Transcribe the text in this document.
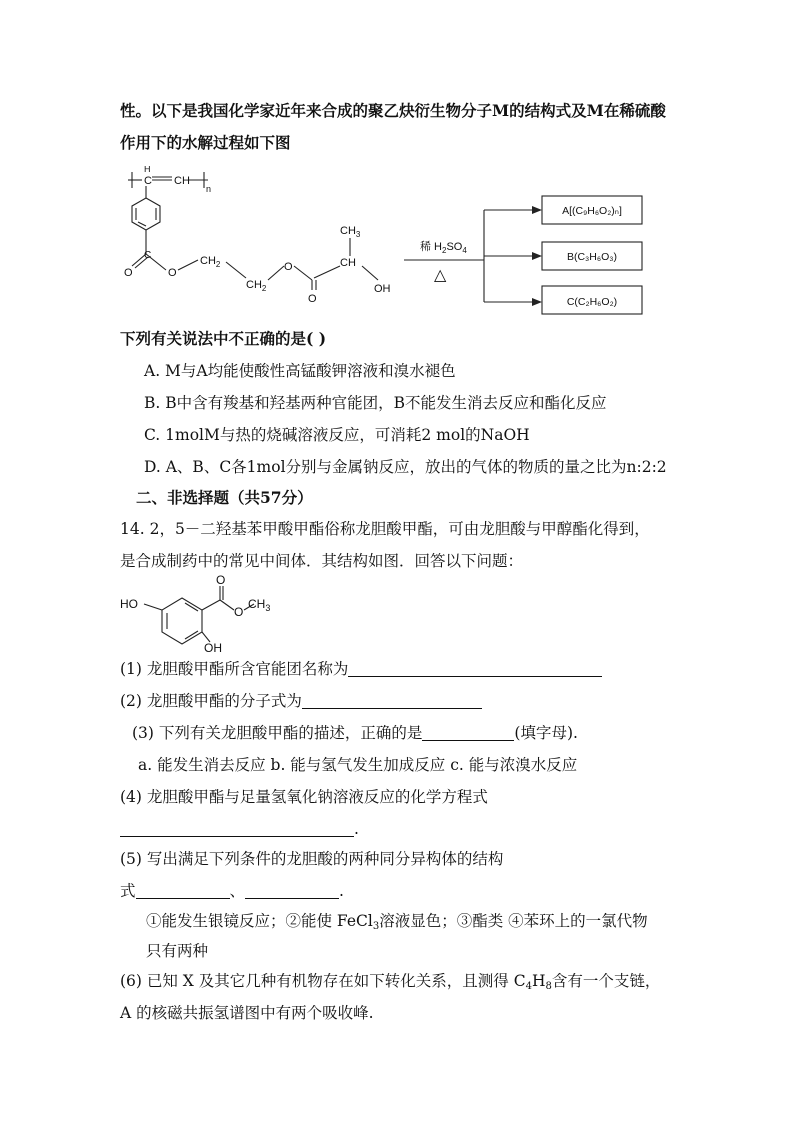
性。以下是我国化学家近年来合成的聚乙炔衍生物分子M的结构式及M在稀硫酸
作用下的水解过程如下图
C CH
n
H
C
O	O
$CH_2$
$CH_2$
O
O
CH
$CH_3$
OH
稀 $H_2SO_4$
△
A[(C₉H₆O₂)ₙ]
B(C₃H₆O₃)
C(C₂H₆O₂)
下列有关说法中不正确的是( )
A. M与A均能使酸性高锰酸钾溶液和溴水褪色
B. B中含有羧基和羟基两种官能团，B不能发生消去反应和酯化反应
C. 1molM与热的烧碱溶液反应，可消耗2 mol的NaOH
D. A、B、C各1mol分别与金属钠反应，放出的气体的物质的量之比为n:2:2
二、非选择题（共57分）
14. 2，5－二羟基苯甲酸甲酯俗称龙胆酸甲酯，可由龙胆酸与甲醇酯化得到，
是合成制药中的常见中间体．其结构如图．回答以下问题：
HO
OH
O
O
$CH_3$
(1) 龙胆酸甲酯所含官能团名称为
(2) 龙胆酸甲酯的分子式为
(3) 下列有关龙胆酸甲酯的描述，正确的是	(填字母).
a. 能发生消去反应 b. 能与氢气发生加成反应 c. 能与浓溴水反应
(4) 龙胆酸甲酯与足量氢氧化钠溶液反应的化学方程式
.
(5) 写出满足下列条件的龙胆酸的两种同分异构体的结构
式	、	.
①能发生银镜反应；②能使 FeCl$_3$溶液显色；③酯类 ④苯环上的一氯代物
只有两种
(6) 已知 X 及其它几种有机物存在如下转化关系，且测得 $C_4H_8$含有一个支链，
A 的核磁共振氢谱图中有两个吸收峰.
